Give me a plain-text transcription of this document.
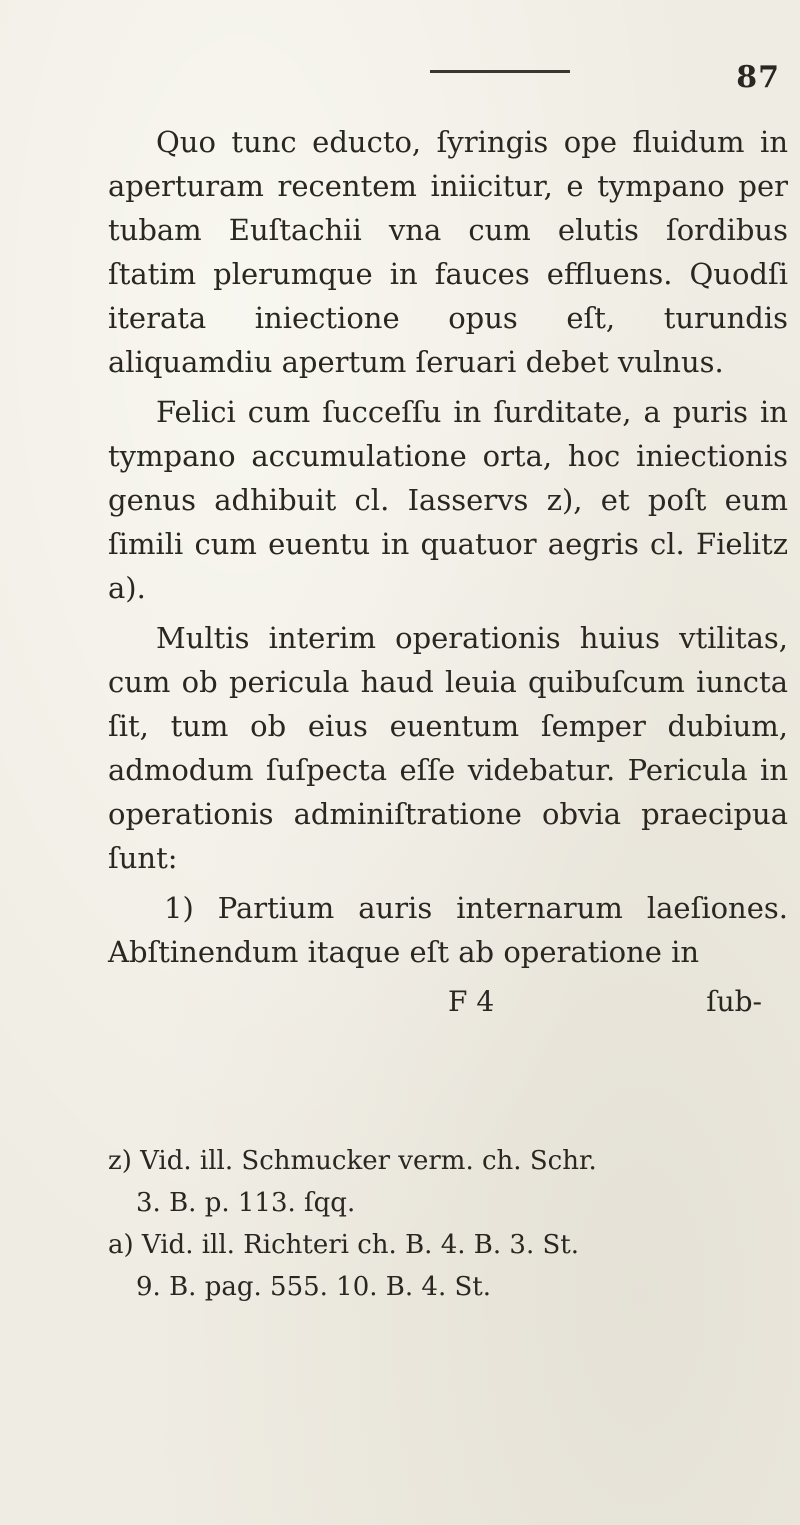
87

Quo tunc educto, ſyringis ope fluidum in aperturam recentem iniicitur, e tympano per tubam Euſtachii vna cum elutis ſordibus ſtatim plerumque in fauces effluens. Quodſi iterata iniectione opus eſt, turundis aliquamdiu apertum ſeruari debet vulnus.

Felici cum ſucceſſu in ſurditate, a puris in tympano accumulatione orta, hoc iniectionis genus adhibuit cl. Iasservs z), et poſt eum ſimili cum euentu in quatuor aegris cl. Fielitz a).

Multis interim operationis huius vtilitas, cum ob pericula haud leuia quibuſcum iuncta ſit, tum ob eius euentum ſemper dubium, admodum ſuſpecta eſſe videbatur. Pericula in operationis adminiſtratione obvia praecipua ſunt:

1) Partium auris internarum laeſiones. Abſtinendum itaque eſt ab operatione in

F 4	ſub-

z) Vid. ill. Schmucker verm. ch. Schr.

3. B. p. 113. ſqq.

a) Vid. ill. Richteri ch. B. 4. B. 3. St.

9. B. pag. 555. 10. B. 4. St.
